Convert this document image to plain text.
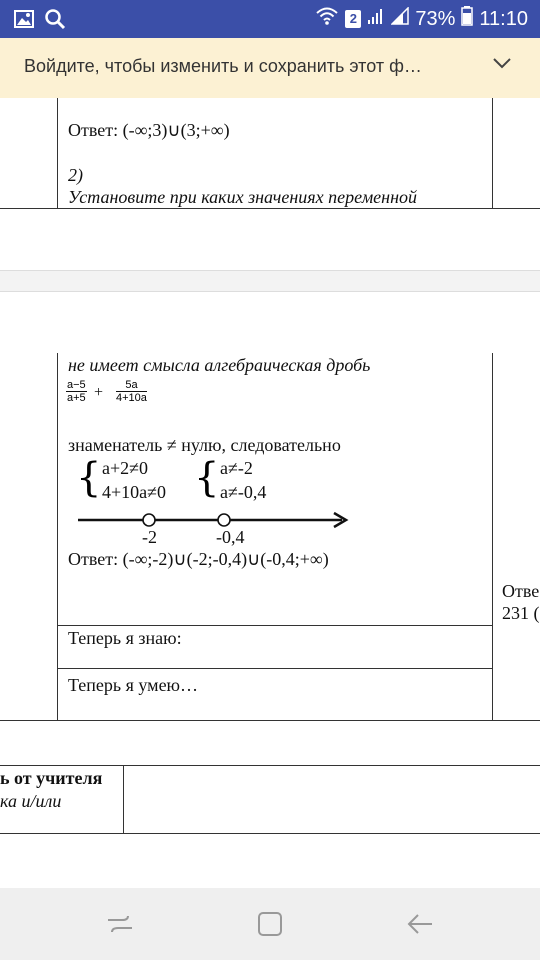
2	73% 11:10
Войдите, чтобы изменить и сохранить этот ф…
Ответ: (-∞;3)∪(3;+∞)
2)
Установите при каких значениях переменной
не имеет смысла алгебраическая дробь
$\frac{a-5}{a+5} + \frac{5a}{4+10a}$
знаменатель ≠ нулю, следовательно
{ a+2≠0
4+10a≠0 { a≠-2
a≠-0,4
-2	-0,4
Ответ: (-∞;-2)∪(-2;-0,4)∪(-0,4;+∞)
Отве
231 (
Теперь я знаю:
Теперь я умею…
ь от учителя
ка и/или
